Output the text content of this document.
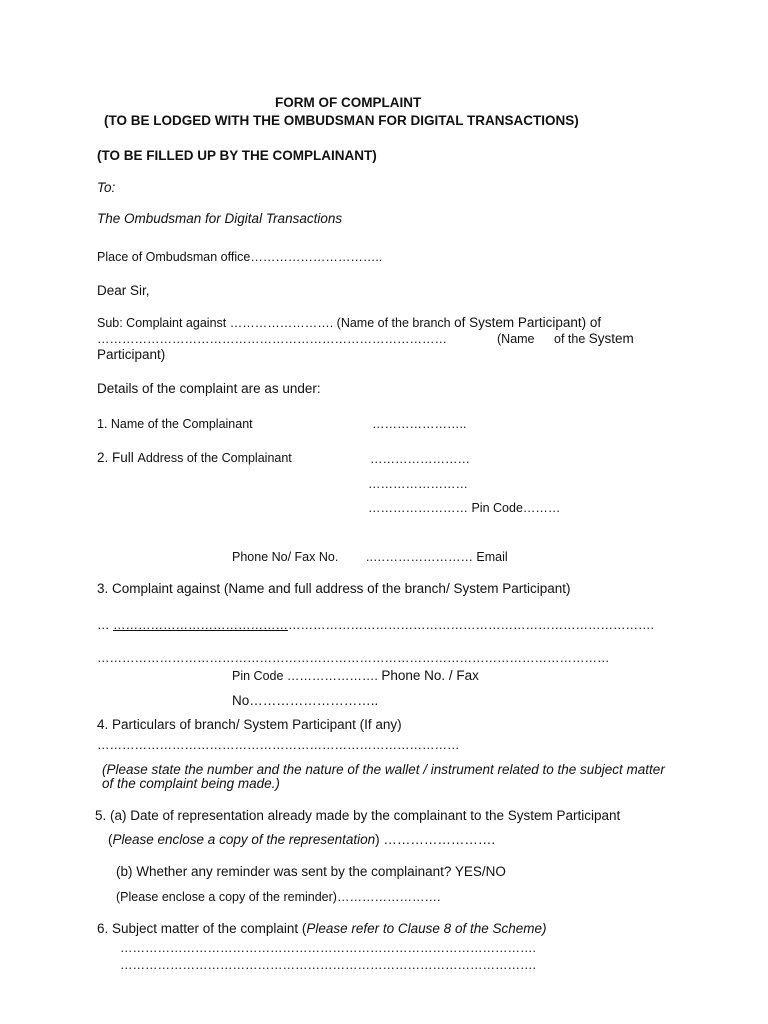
FORM OF COMPLAINT
(TO BE LODGED WITH THE OMBUDSMAN FOR DIGITAL TRANSACTIONS)
(TO BE FILLED UP BY THE COMPLAINANT)
To:
The Ombudsman for Digital Transactions
Place of Ombudsman office…………………………..
Dear Sir,
Sub: Complaint against ……………………. (Name of the branch of System Participant) of
…………………………………………………………………………	(Name of the System
Participant)
Details of the complaint are as under:
1. Name of the Complainant	…………………..
2. Full Address of the Complainant	……………………
……………………
…………………… Pin Code………
Phone No/ Fax No. ..…………………… Email
3. Complaint against (Name and full address of the branch/ System Participant)
… ………………………………………………………………………………………………………………….
……………………………………………………………………………………………………………
Pin Code …………………. Phone No. / Fax
No………………………..
4. Particulars of branch/ System Participant (If any)
……………………………………………………………………………
(Please state the number and the nature of the wallet / instrument related to the subject matter
of the complaint being made.)
5. (a) Date of representation already made by the complainant to the System Participant
(Please enclose a copy of the representation) …………………….
(b) Whether any reminder was sent by the complainant? YES/NO
(Please enclose a copy of the reminder)…………………….
6. Subject matter of the complaint (Please refer to Clause 8 of the Scheme)
……………………………………………………………………………………….
……………………………………………………………………………………….
